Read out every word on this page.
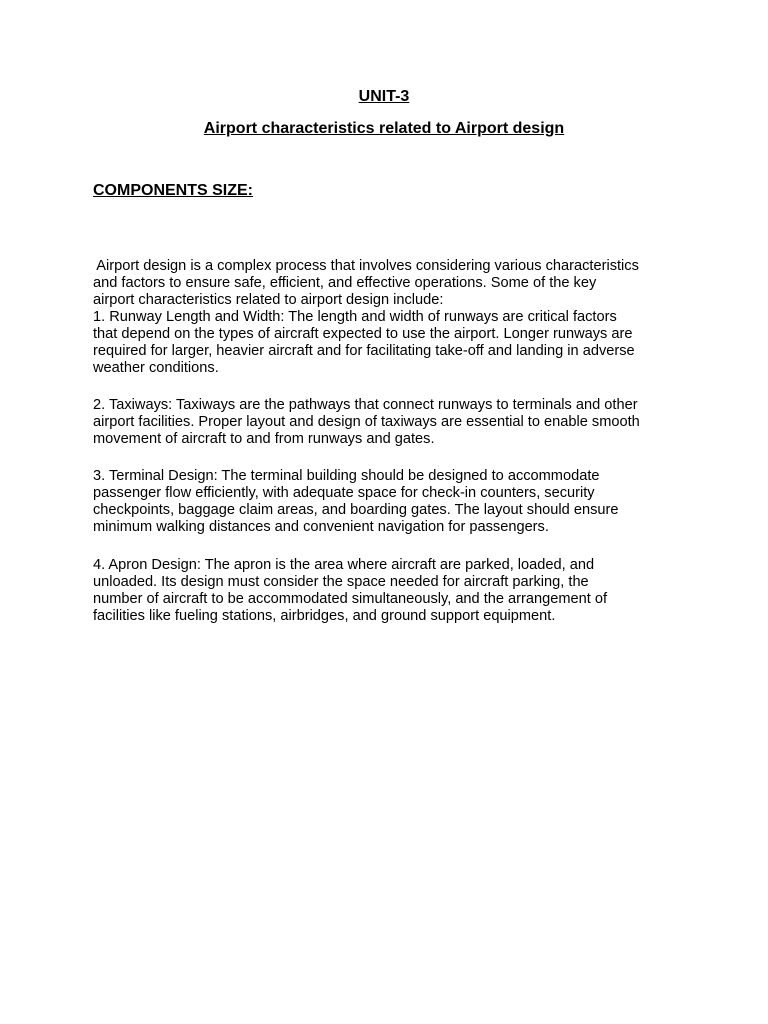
UNIT-3
Airport characteristics related to Airport design
COMPONENTS SIZE:
Airport design is a complex process that involves considering various characteristics
and factors to ensure safe, efficient, and effective operations. Some of the key
airport characteristics related to airport design include:
1. Runway Length and Width: The length and width of runways are critical factors
that depend on the types of aircraft expected to use the airport. Longer runways are
required for larger, heavier aircraft and for facilitating take-off and landing in adverse
weather conditions.
2. Taxiways: Taxiways are the pathways that connect runways to terminals and other
airport facilities. Proper layout and design of taxiways are essential to enable smooth
movement of aircraft to and from runways and gates.
3. Terminal Design: The terminal building should be designed to accommodate
passenger flow efficiently, with adequate space for check-in counters, security
checkpoints, baggage claim areas, and boarding gates. The layout should ensure
minimum walking distances and convenient navigation for passengers.
4. Apron Design: The apron is the area where aircraft are parked, loaded, and
unloaded. Its design must consider the space needed for aircraft parking, the
number of aircraft to be accommodated simultaneously, and the arrangement of
facilities like fueling stations, airbridges, and ground support equipment.
